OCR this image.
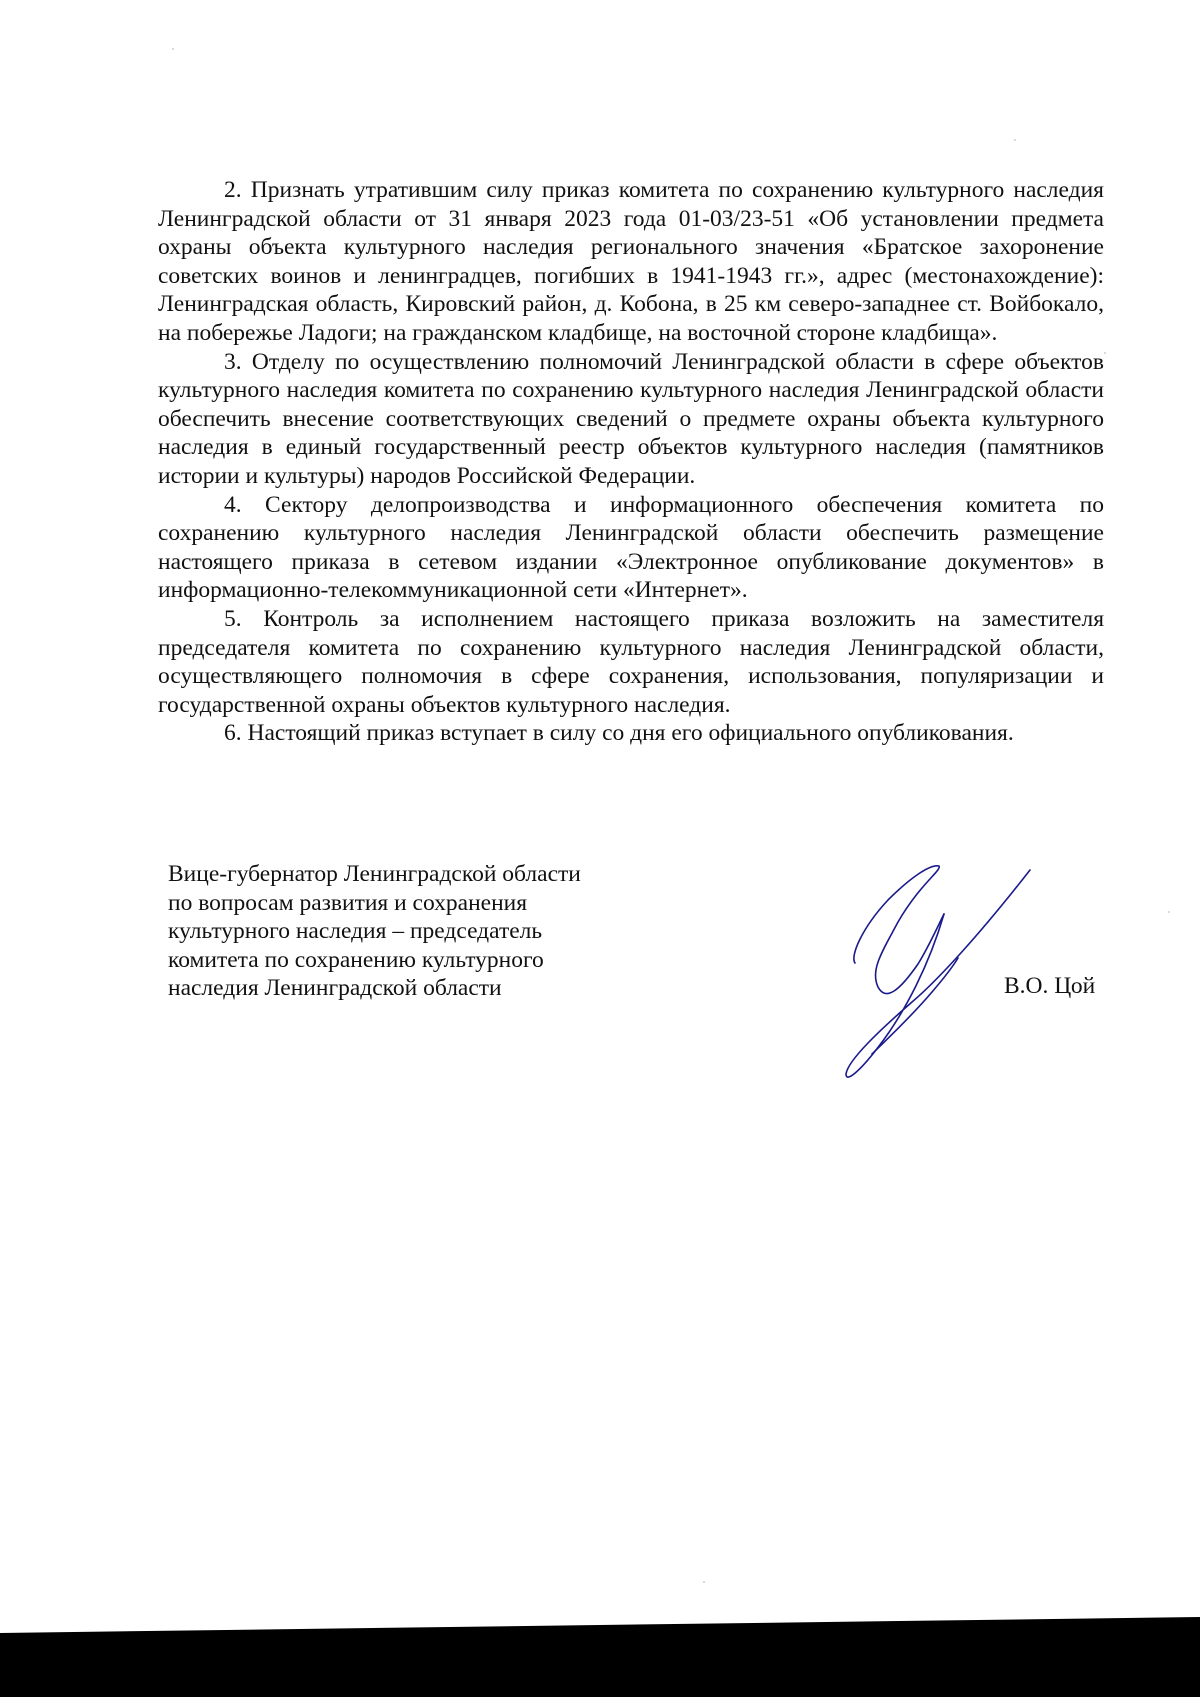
2. Признать утратившим силу приказ комитета по сохранению культурного наследия Ленинградской области от 31 января 2023 года 01-03/23-51 «Об установлении предмета охраны объекта культурного наследия регионального значения «Братское захоронение советских воинов и ленинградцев, погибших в 1941-1943 гг.», адрес (местонахождение): Ленинградская область, Кировский район, д. Кобона, в 25 км северо-западнее ст. Войбокало, на побережье Ладоги; на гражданском кладбище, на восточной стороне кладбища».

3. Отделу по осуществлению полномочий Ленинградской области в сфере объектов культурного наследия комитета по сохранению культурного наследия Ленинградской области обеспечить внесение соответствующих сведений о предмете охраны объекта культурного наследия в единый государственный реестр объектов культурного наследия (памятников истории и культуры) народов Российской Федерации.

4. Сектору делопроизводства и информационного обеспечения комитета по сохранению культурного наследия Ленинградской области обеспечить размещение настоящего приказа в сетевом издании «Электронное опубликование документов» в информационно-телекоммуникационной сети «Интернет».

5. Контроль за исполнением настоящего приказа возложить на заместителя председателя комитета по сохранению культурного наследия Ленинградской области, осуществляющего полномочия в сфере сохранения, использования, популяризации и государственной охраны объектов культурного наследия.

6. Настоящий приказ вступает в силу со дня его официального опубликования.

Вице-губернатор Ленинградской области
по вопросам развития и сохранения
культурного наследия – председатель
комитета по сохранению культурного
наследия Ленинградской области	В.О. Цой
